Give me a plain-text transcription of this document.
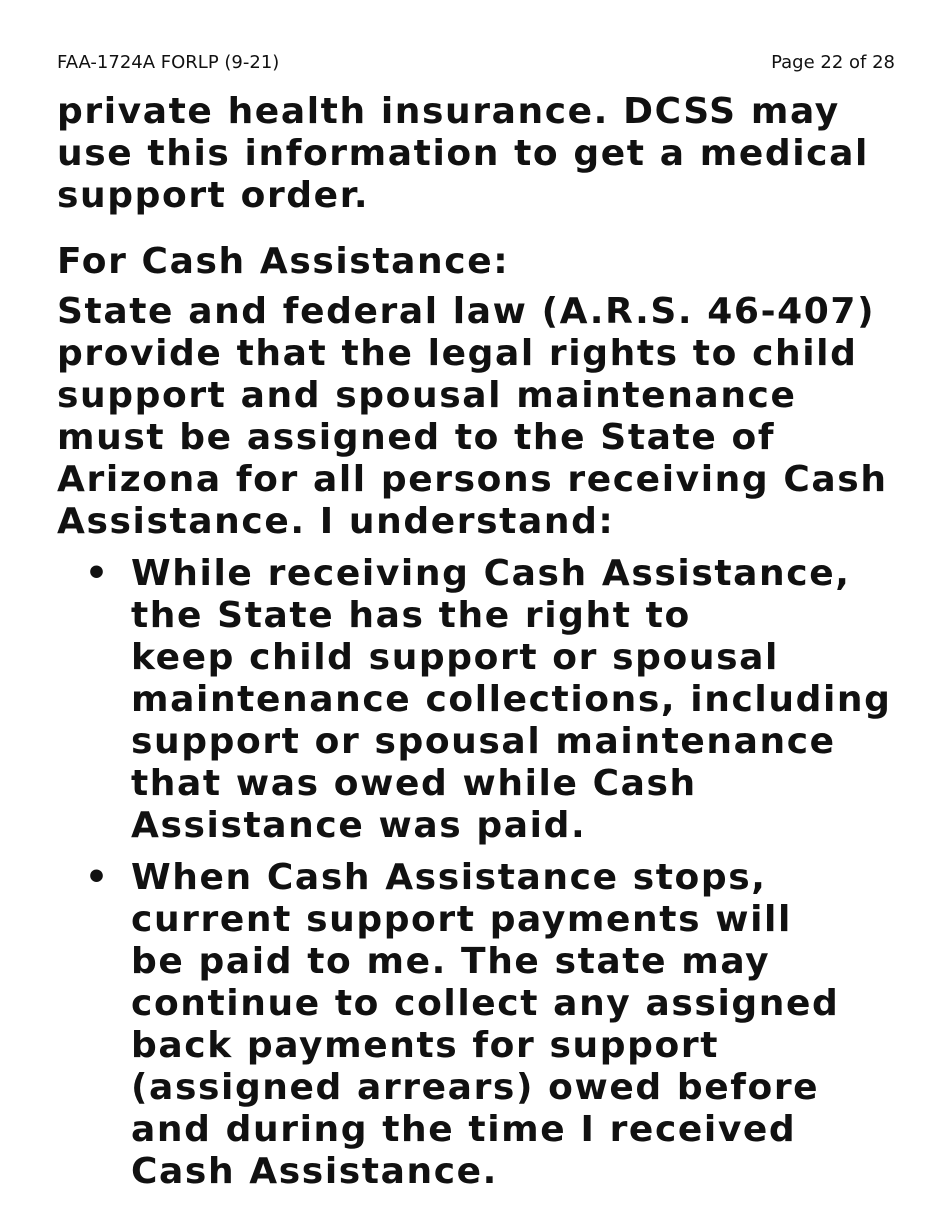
FAA-1724A FORLP (9-21)	Page 22 of 28

private health insurance. DCSS may
use this information to get a medical
support order.

For Cash Assistance:

State and federal law (A.R.S. 46-407)
provide that the legal rights to child
support and spousal maintenance
must be assigned to the State of
Arizona for all persons receiving Cash
Assistance. I understand:

• While receiving Cash Assistance,
the State has the right to
keep child support or spousal
maintenance collections, including
support or spousal maintenance
that was owed while Cash
Assistance was paid.
• When Cash Assistance stops,
current support payments will
be paid to me. The state may
continue to collect any assigned
back payments for support
(assigned arrears) owed before
and during the time I received
Cash Assistance.
